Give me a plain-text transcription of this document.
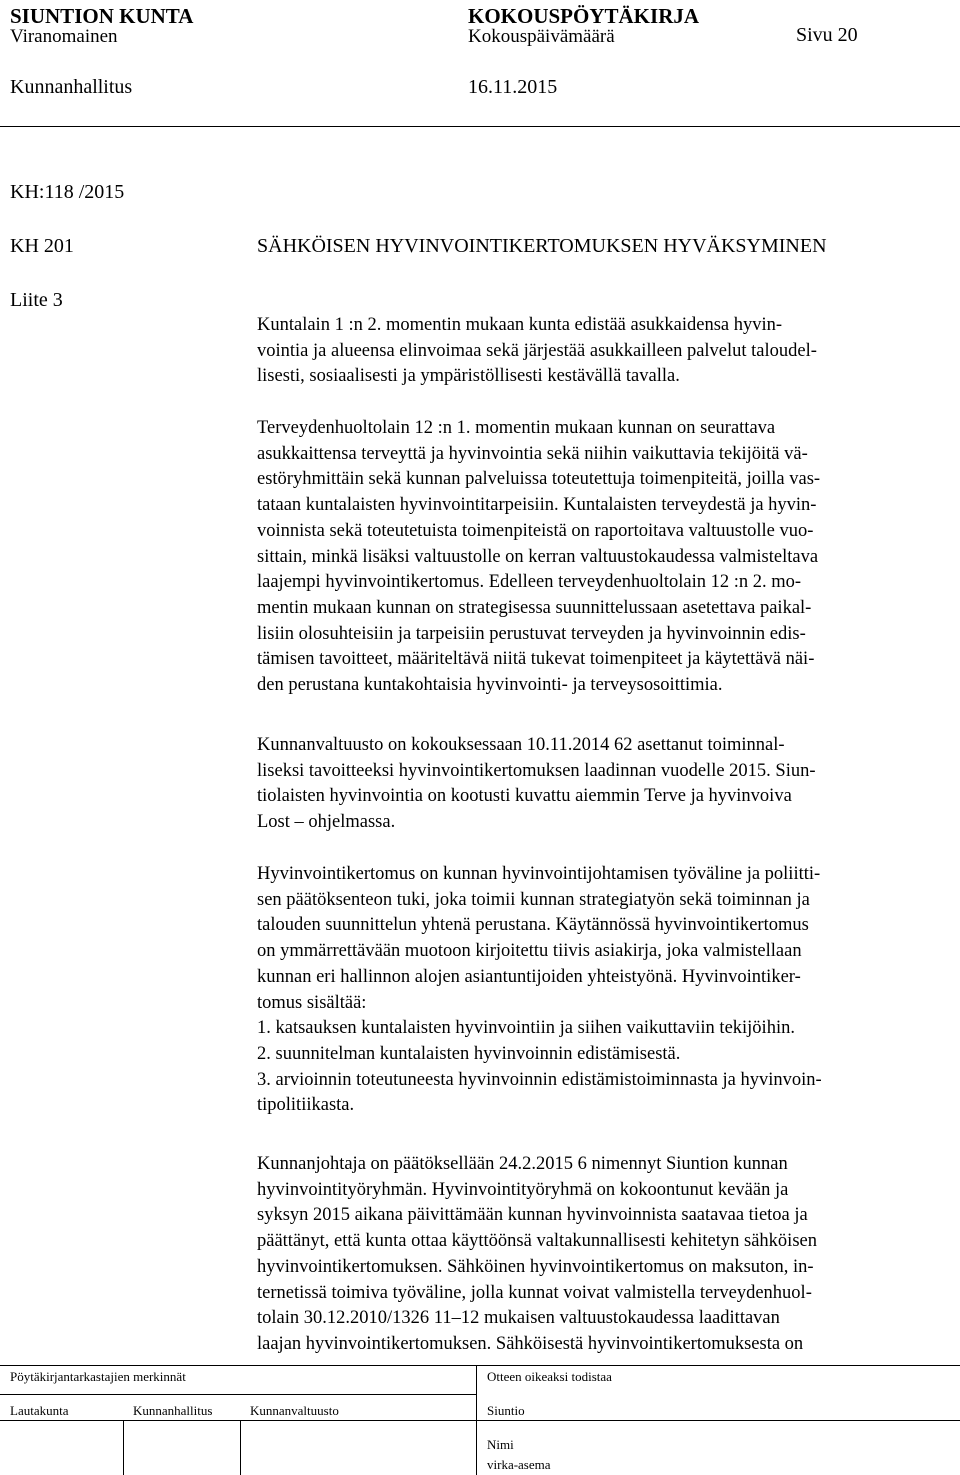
SIUNTION KUNTA	KOKOUSPÖYTÄKIRJA
Viranomainen	Kokouspäivämäärä	Sivu 20
Kunnanhallitus	16.11.2015
KH:118 /2015
KH 201	SÄHKÖISEN HYVINVOINTIKERTOMUKSEN HYVÄKSYMINEN
Liite 3
Kuntalain 1 :n 2. momentin mukaan kunta edistää asukkaidensa hyvin-
vointia ja alueensa elinvoimaa sekä järjestää asukkailleen palvelut taloudel-
lisesti, sosiaalisesti ja ympäristöllisesti kestävällä tavalla.
Terveydenhuoltolain 12 :n 1. momentin mukaan kunnan on seurattava
asukkaittensa terveyttä ja hyvinvointia sekä niihin vaikuttavia tekijöitä vä-
estöryhmittäin sekä kunnan palveluissa toteutettuja toimenpiteitä, joilla vas-
tataan kuntalaisten hyvinvointitarpeisiin. Kuntalaisten terveydestä ja hyvin-
voinnista sekä toteutetuista toimenpiteistä on raportoitava valtuustolle vuo-
sittain, minkä lisäksi valtuustolle on kerran valtuustokaudessa valmisteltava
laajempi hyvinvointikertomus. Edelleen terveydenhuoltolain 12 :n 2. mo-
mentin mukaan kunnan on strategisessa suunnittelussaan asetettava paikal-
lisiin olosuhteisiin ja tarpeisiin perustuvat terveyden ja hyvinvoinnin edis-
tämisen tavoitteet, määriteltävä niitä tukevat toimenpiteet ja käytettävä näi-
den perustana kuntakohtaisia hyvinvointi- ja terveysosoittimia.
Kunnanvaltuusto on kokouksessaan 10.11.2014 62 asettanut toiminnal-
liseksi tavoitteeksi hyvinvointikertomuksen laadinnan vuodelle 2015. Siun-
tiolaisten hyvinvointia on kootusti kuvattu aiemmin Terve ja hyvinvoiva
Lost – ohjelmassa.
Hyvinvointikertomus on kunnan hyvinvointijohtamisen työväline ja poliitti-
sen päätöksenteon tuki, joka toimii kunnan strategiatyön sekä toiminnan ja
talouden suunnittelun yhtenä perustana. Käytännössä hyvinvointikertomus
on ymmärrettävään muotoon kirjoitettu tiivis asiakirja, joka valmistellaan
kunnan eri hallinnon alojen asiantuntijoiden yhteistyönä. Hyvinvointiker-
tomus sisältää:
1. katsauksen kuntalaisten hyvinvointiin ja siihen vaikuttaviin tekijöihin.
2. suunnitelman kuntalaisten hyvinvoinnin edistämisestä.
3. arvioinnin toteutuneesta hyvinvoinnin edistämistoiminnasta ja hyvinvoin-
tipolitiikasta.
Kunnanjohtaja on päätöksellään 24.2.2015 6 nimennyt Siuntion kunnan
hyvinvointityöryhmän. Hyvinvointityöryhmä on kokoontunut kevään ja
syksyn 2015 aikana päivittämään kunnan hyvinvoinnista saatavaa tietoa ja
päättänyt, että kunta ottaa käyttöönsä valtakunnallisesti kehitetyn sähköisen
hyvinvointikertomuksen. Sähköinen hyvinvointikertomus on maksuton, in-
ternetissä toimiva työväline, jolla kunnat voivat valmistella terveydenhuol-
tolain 30.12.2010/1326 11–12 mukaisen valtuustokaudessa laadittavan
laajan hyvinvointikertomuksen. Sähköisestä hyvinvointikertomuksesta on
Pöytäkirjantarkastajien merkinnät	Otteen oikeaksi todistaa
Lautakunta	Kunnanhallitus	Kunnanvaltuusto	Siuntio
Nimi
virka-asema
